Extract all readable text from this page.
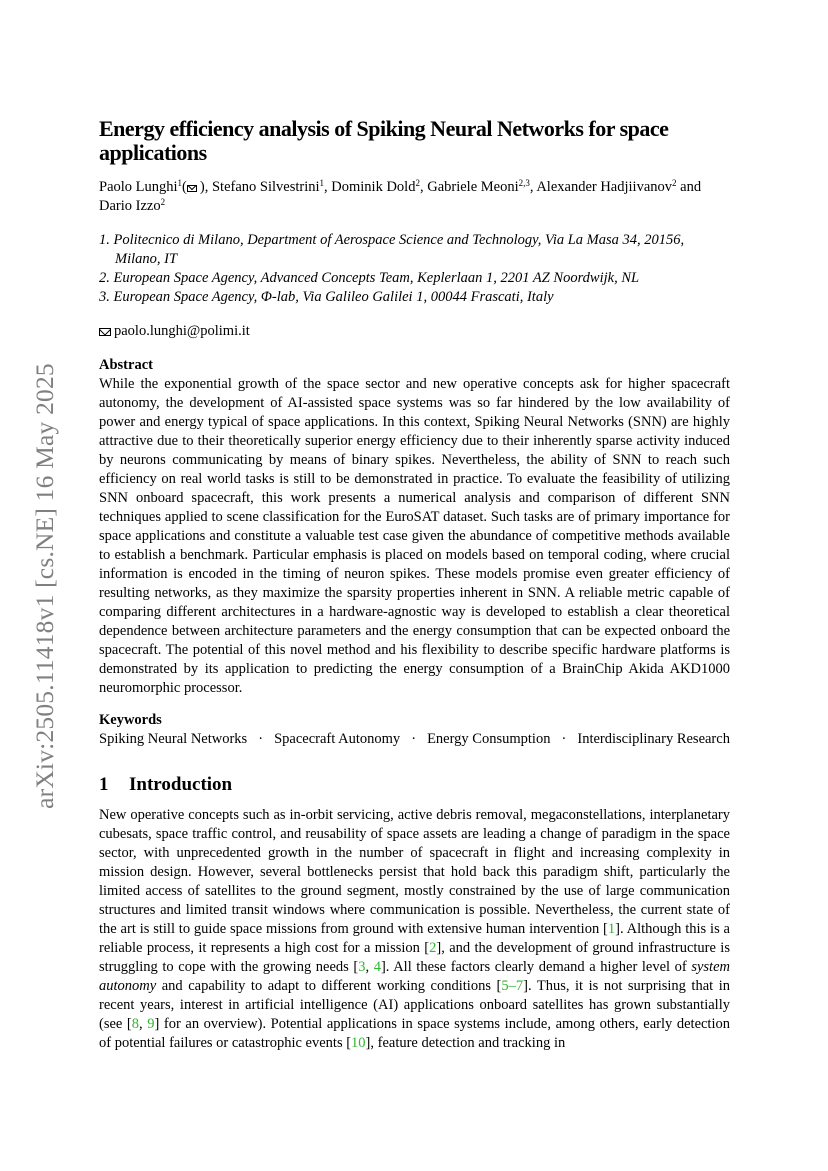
arXiv:2505.11418v1 [cs.NE] 16 May 2025
Energy efficiency analysis of Spiking Neural Networks for space applications
Paolo Lunghi$^1$( ), Stefano Silvestrini$^1$, Dominik Dold$^2$, Gabriele Meoni$^{2,3}$, Alexander Hadjiivanov$^2$ and Dario Izzo$^2$
1. Politecnico di Milano, Department of Aerospace Science and Technology, Via La Masa 34, 20156, Milano, IT
2. European Space Agency, Advanced Concepts Team, Keplerlaan 1, 2201 AZ Noordwijk, NL
3. European Space Agency, Φ-lab, Via Galileo Galilei 1, 00044 Frascati, Italy
paolo.lunghi@polimi.it
Abstract
While the exponential growth of the space sector and new operative concepts ask for higher spacecraft autonomy, the development of AI-assisted space systems was so far hindered by the low availability of power and energy typical of space applications. In this context, Spiking Neural Networks (SNN) are highly attractive due to their theoretically superior energy efficiency due to their inherently sparse activity induced by neurons communicating by means of binary spikes. Nevertheless, the ability of SNN to reach such efficiency on real world tasks is still to be demonstrated in practice. To evaluate the feasibility of utilizing SNN onboard spacecraft, this work presents a numerical analysis and comparison of different SNN techniques applied to scene classification for the EuroSAT dataset. Such tasks are of primary importance for space applications and constitute a valuable test case given the abundance of competitive methods available to establish a benchmark. Particular emphasis is placed on models based on temporal coding, where crucial information is encoded in the timing of neuron spikes. These models promise even greater efficiency of resulting networks, as they maximize the sparsity properties inherent in SNN. A reliable metric capable of comparing different architectures in a hardware-agnostic way is developed to establish a clear theoretical dependence between architecture parameters and the energy consumption that can be expected onboard the spacecraft. The potential of this novel method and his flexibility to describe specific hardware platforms is demonstrated by its application to predicting the energy consumption of a BrainChip Akida AKD1000 neuromorphic processor.
Keywords
Spiking Neural Networks · Spacecraft Autonomy · Energy Consumption · Interdisciplinary Research
1 Introduction
New operative concepts such as in-orbit servicing, active debris removal, megaconstellations, interplanetary cubesats, space traffic control, and reusability of space assets are leading a change of paradigm in the space sector, with unprecedented growth in the number of spacecraft in flight and increasing complexity in mission design. However, several bottlenecks persist that hold back this paradigm shift, particularly the limited access of satellites to the ground segment, mostly constrained by the use of large communication structures and limited transit windows where communication is possible. Nevertheless, the current state of the art is still to guide space missions from ground with extensive human intervention [1]. Although this is a reliable process, it represents a high cost for a mission [2], and the development of ground infrastructure is struggling to cope with the growing needs [3, 4]. All these factors clearly demand a higher level of system autonomy and capability to adapt to different working conditions [5–7]. Thus, it is not surprising that in recent years, interest in artificial intelligence (AI) applications onboard satellites has grown substantially (see [8, 9] for an overview). Potential applications in space systems include, among others, early detection of potential failures or catastrophic events [10], feature detection and tracking in
